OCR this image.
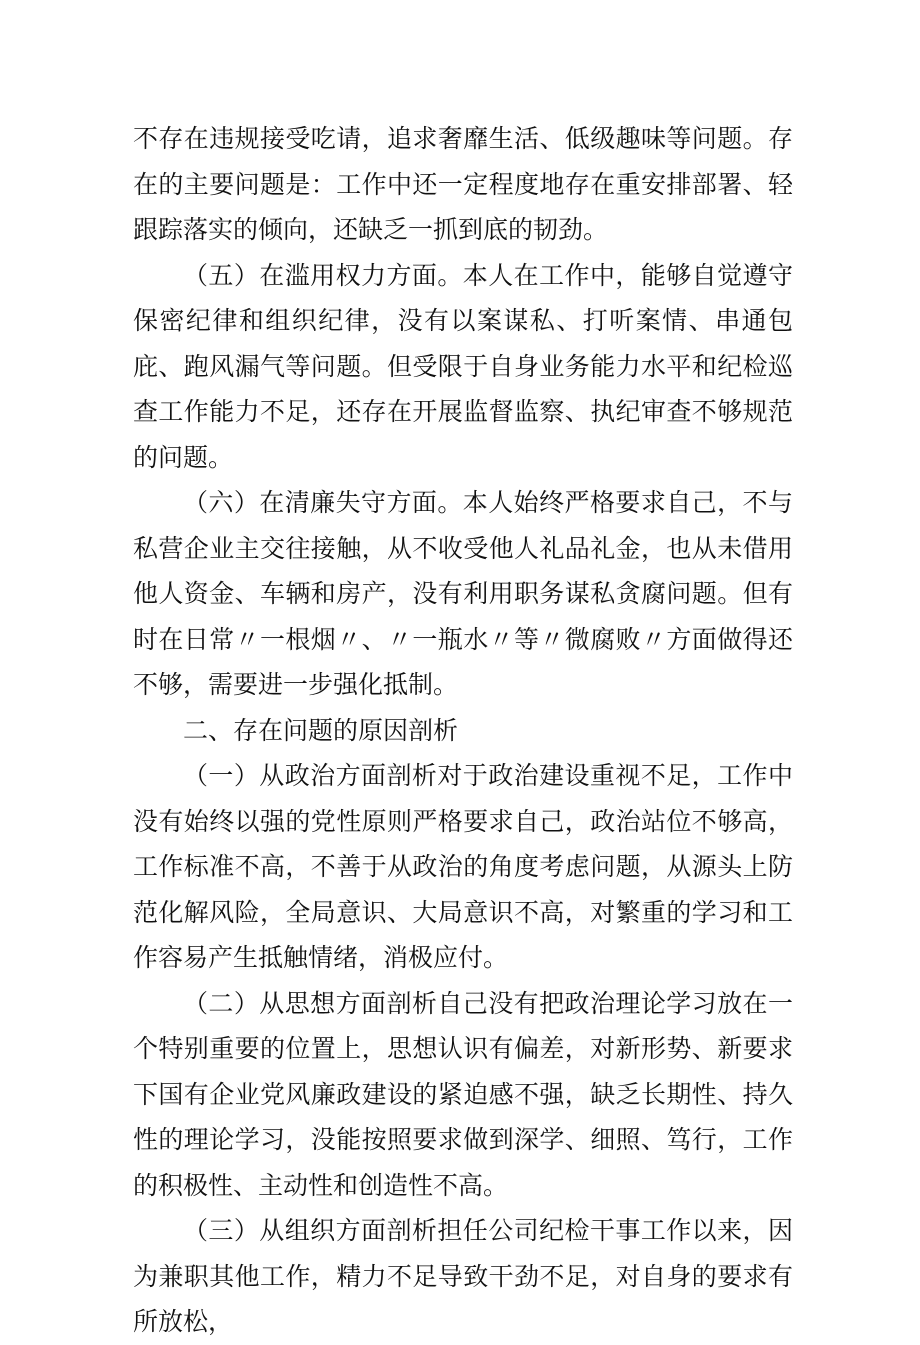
不存在违规接受吃请，追求奢靡生活、低级趣味等问题。存在的主要问题是：工作中还一定程度地存在重安排部署、轻跟踪落实的倾向，还缺乏一抓到底的韧劲。

（五）在滥用权力方面。本人在工作中，能够自觉遵守保密纪律和组织纪律，没有以案谋私、打听案情、串通包庇、跑风漏气等问题。但受限于自身业务能力水平和纪检巡查工作能力不足，还存在开展监督监察、执纪审查不够规范的问题。

（六）在清廉失守方面。本人始终严格要求自己，不与私营企业主交往接触，从不收受他人礼品礼金，也从未借用他人资金、车辆和房产，没有利用职务谋私贪腐问题。但有时在日常〃一根烟〃、〃一瓶水〃等〃微腐败〃方面做得还不够，需要进一步强化抵制。

二、存在问题的原因剖析

（一）从政治方面剖析对于政治建设重视不足，工作中没有始终以强的党性原则严格要求自己，政治站位不够高，工作标准不高，不善于从政治的角度考虑问题，从源头上防范化解风险，全局意识、大局意识不高，对繁重的学习和工作容易产生抵触情绪，消极应付。

（二）从思想方面剖析自己没有把政治理论学习放在一个特别重要的位置上，思想认识有偏差，对新形势、新要求下国有企业党风廉政建设的紧迫感不强，缺乏长期性、持久性的理论学习，没能按照要求做到深学、细照、笃行，工作的积极性、主动性和创造性不高。

（三）从组织方面剖析担任公司纪检干事工作以来，因为兼职其他工作，精力不足导致干劲不足，对自身的要求有所放松，
